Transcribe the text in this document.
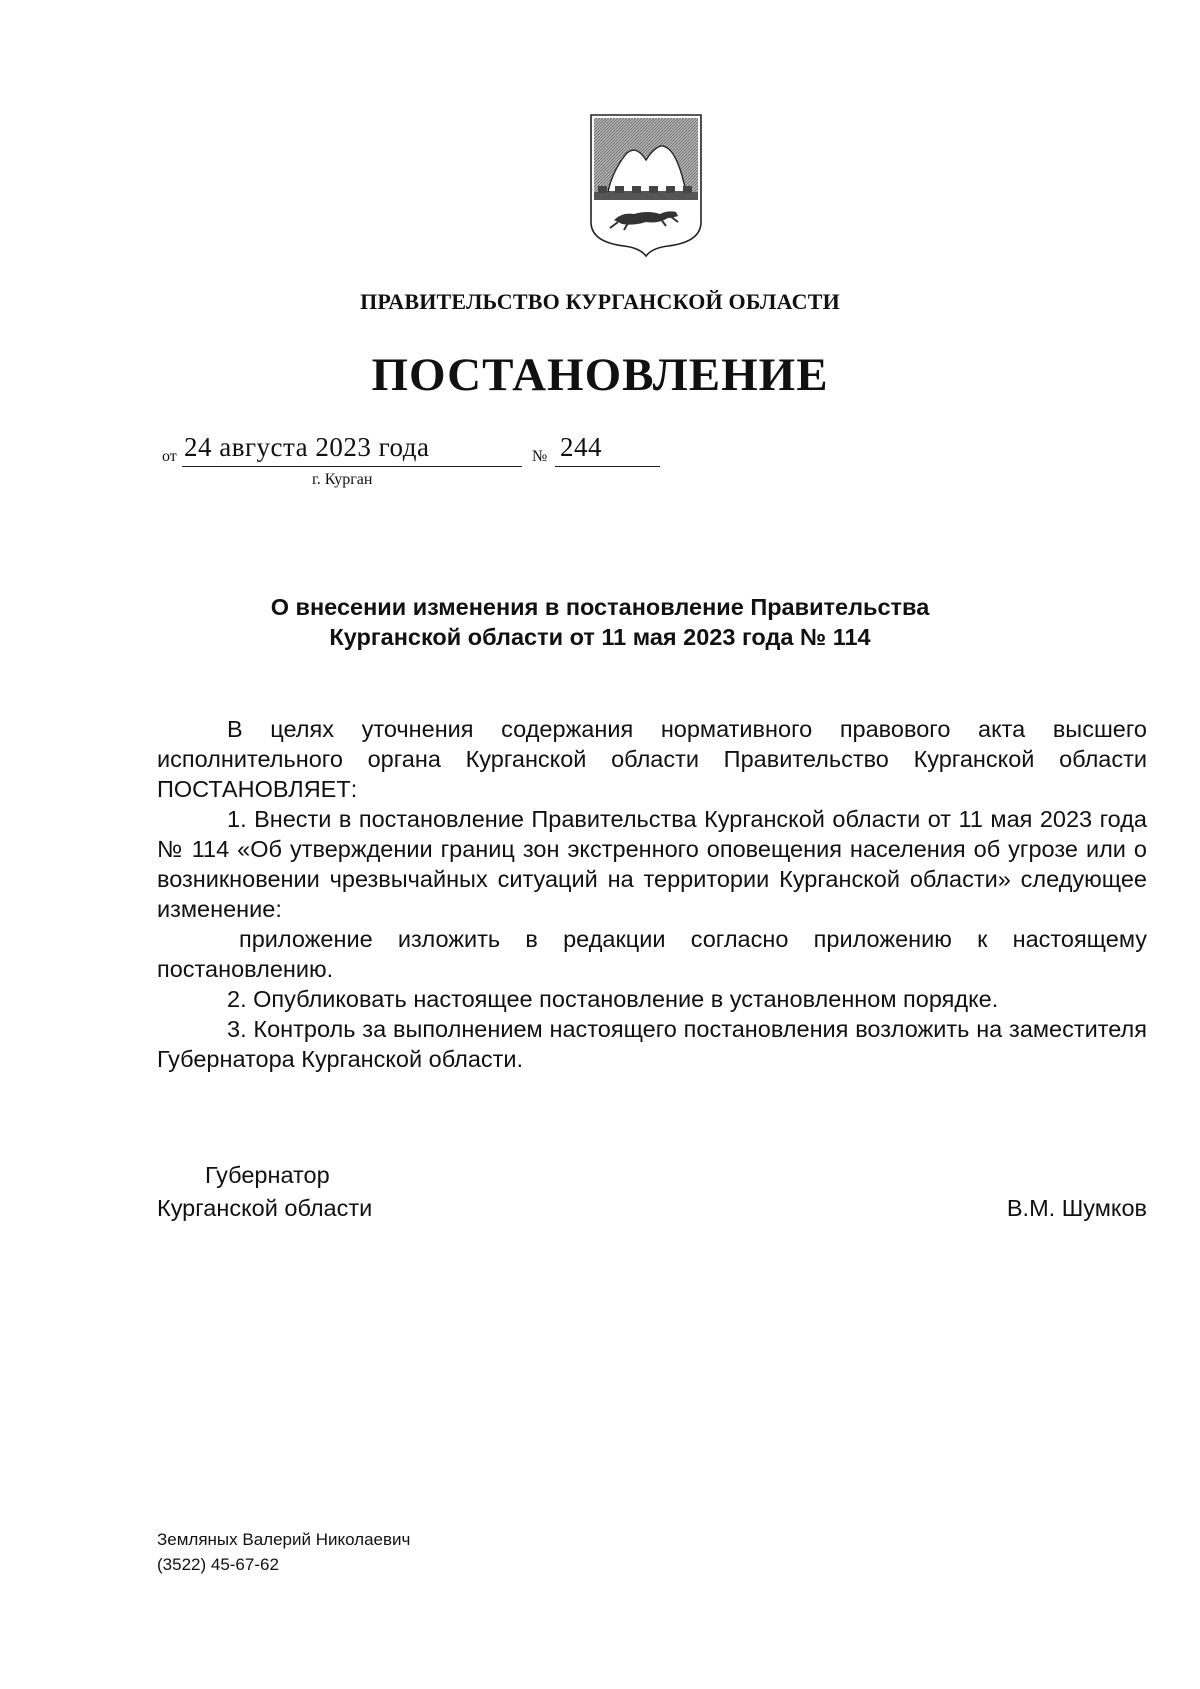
ПРАВИТЕЛЬСТВО КУРГАНСКОЙ ОБЛАСТИ
ПОСТАНОВЛЕНИЕ
от 24 августа 2023 года	№ 244
г. Курган
О внесении изменения в постановление Правительства
Курганской области от 11 мая 2023 года № 114
В целях уточнения содержания нормативного правового акта высшего исполнительного органа Курганской области Правительство Курганской области ПОСТАНОВЛЯЕТ:
1. Внести в постановление Правительства Курганской области от 11 мая 2023 года № 114 «Об утверждении границ зон экстренного оповещения населения об угрозе или о возникновении чрезвычайных ситуаций на территории Курганской области» следующее изменение:
приложение изложить в редакции согласно приложению к настоящему постановлению.
2. Опубликовать настоящее постановление в установленном порядке.
3. Контроль за выполнением настоящего постановления возложить на заместителя Губернатора Курганской области.
Губернатор
Курганской области	В.М. Шумков
Земляных Валерий Николаевич
(3522) 45-67-62
